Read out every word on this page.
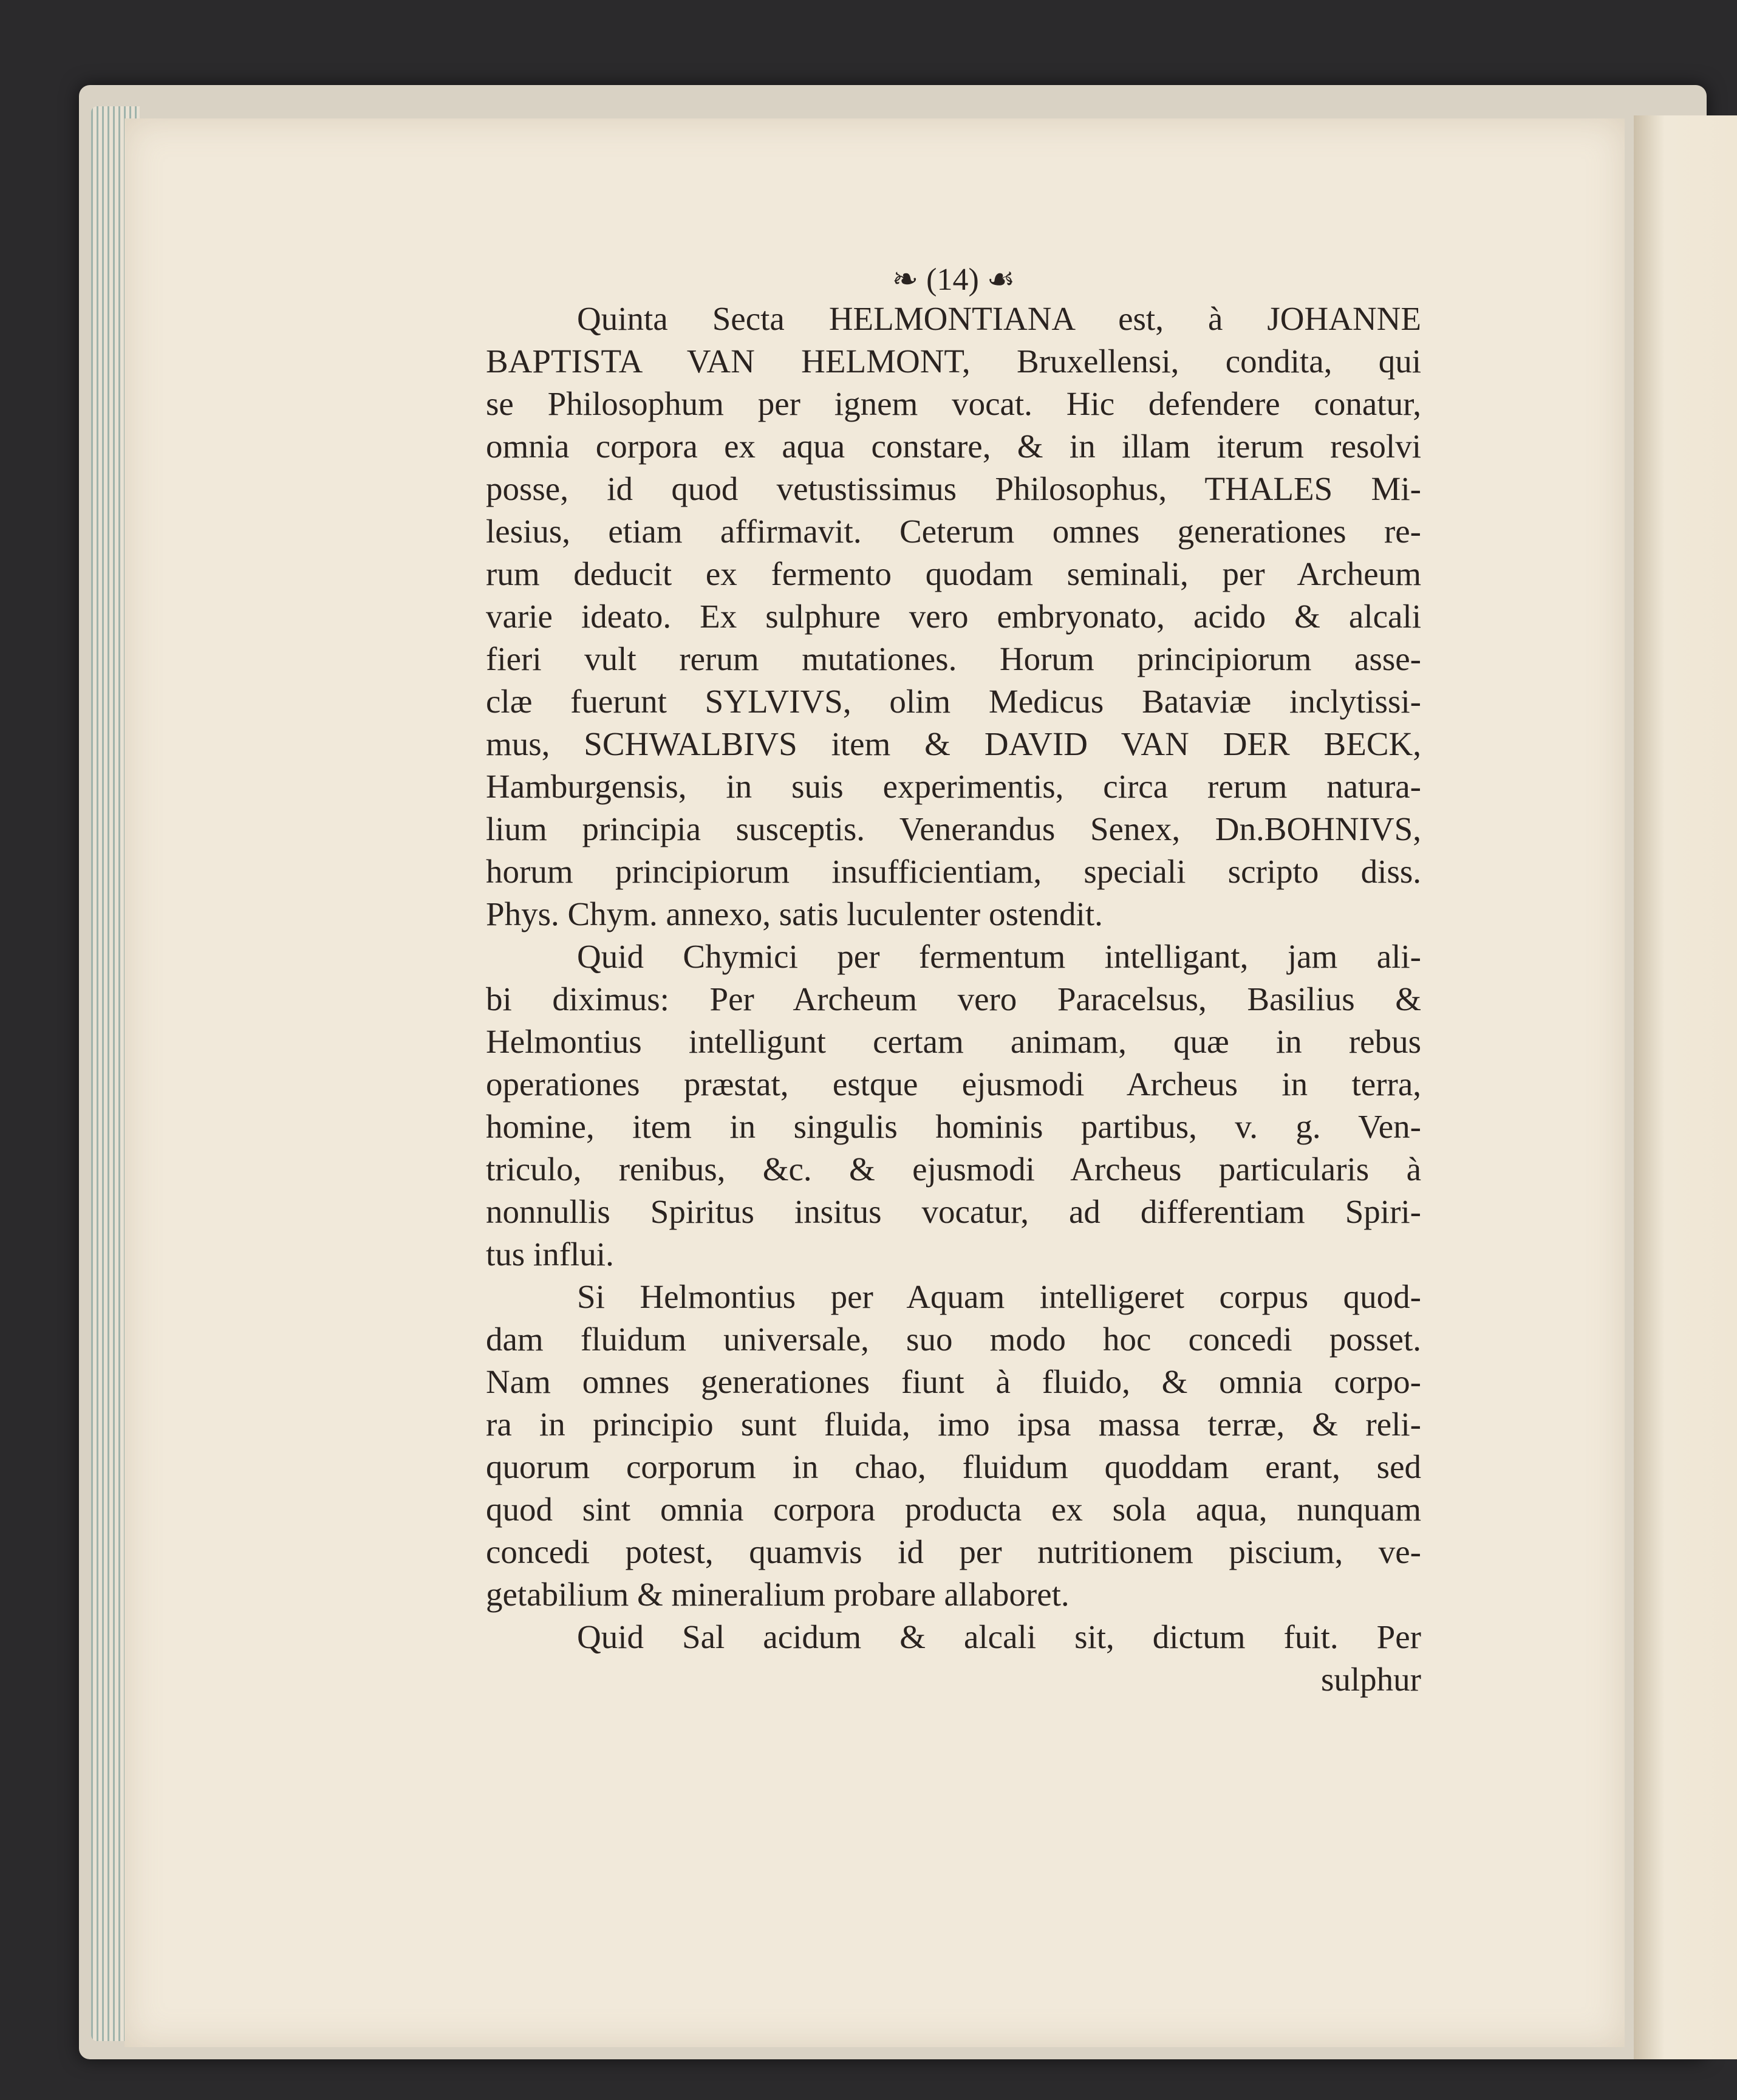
❧ (14) ☙
Quinta Secta HELMONTIANA est, à JOHANNE
BAPTISTA VAN HELMONT, Bruxellensi, condita, qui
se Philosophum per ignem vocat. Hic defendere conatur,
omnia corpora ex aqua constare, & in illam iterum resolvi
posse, id quod vetustissimus Philosophus, THALES Mi-
lesius, etiam affirmavit. Ceterum omnes generationes re-
rum deducit ex fermento quodam seminali, per Archeum
varie ideato. Ex sulphure vero embryonato, acido & alcali
fieri vult rerum mutationes. Horum principiorum asse-
clæ fuerunt SYLVIVS, olim Medicus Bataviæ inclytissi-
mus, SCHWALBIVS item & DAVID VAN DER BECK,
Hamburgensis, in suis experimentis, circa rerum natura-
lium principia susceptis. Venerandus Senex, Dn.BOHNIVS,
horum principiorum insufficientiam, speciali scripto diss.
Phys. Chym. annexo, satis luculenter ostendit.
Quid Chymici per fermentum intelligant, jam ali-
bi diximus: Per Archeum vero Paracelsus, Basilius &
Helmontius intelligunt certam animam, quæ in rebus
operationes præstat, estque ejusmodi Archeus in terra,
homine, item in singulis hominis partibus, v. g. Ven-
triculo, renibus, &c. & ejusmodi Archeus particularis à
nonnullis Spiritus insitus vocatur, ad differentiam Spiri-
tus influi.
Si Helmontius per Aquam intelligeret corpus quod-
dam fluidum universale, suo modo hoc concedi posset.
Nam omnes generationes fiunt à fluido, & omnia corpo-
ra in principio sunt fluida, imo ipsa massa terræ, & reli-
quorum corporum in chao, fluidum quoddam erant, sed
quod sint omnia corpora producta ex sola aqua, nunquam
concedi potest, quamvis id per nutritionem piscium, ve-
getabilium & mineralium probare allaboret.
Quid Sal acidum & alcali sit, dictum fuit. Per
sulphur
